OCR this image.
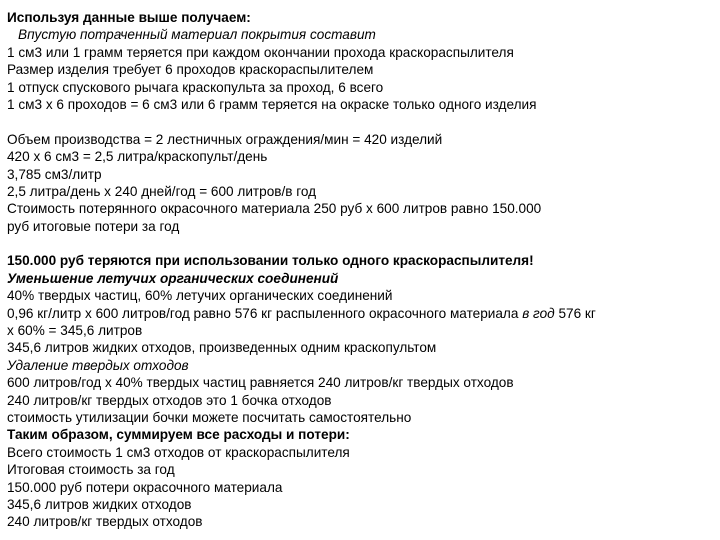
Используя данные выше получаем:
Впустую потраченный материал покрытия составит
1 см3 или 1 грамм теряется при каждом окончании прохода краскораспылителя
Размер изделия требует 6 проходов краскораспылителем
1 отпуск спускового рычага краскопульта за проход, 6 всего
1 см3 х 6 проходов = 6 см3 или 6 грамм теряется на окраске только одного изделия
Объем производства = 2 лестничных ограждения/мин = 420 изделий
420 х 6 см3 = 2,5 литра/краскопульт/день
3,785 см3/литр
2,5 литра/день х 240 дней/год = 600 литров/в год
Стоимость потерянного окрасочного материала 250 руб х 600 литров равно 150.000
руб итоговые потери за год
150.000 руб теряются при использовании только одного краскораспылителя!
Уменьшение летучих органических соединений
40% твердых частиц, 60% летучих органических соединений
0,96 кг/литр х 600 литров/год равно 576 кг распыленного окрасочного материала в год 576 кг
х 60% = 345,6 литров
345,6 литров жидких отходов, произведенных одним краскопультом
Удаление твердых отходов
600 литров/год х 40% твердых частиц равняется 240 литров/кг твердых отходов
240 литров/кг твердых отходов это 1 бочка отходов
стоимость утилизации бочки можете посчитать самостоятельно
Таким образом, суммируем все расходы и потери:
Всего стоимость 1 см3 отходов от краскораспылителя
Итоговая стоимость за год
150.000 руб потери окрасочного материала
345,6 литров жидких отходов
240 литров/кг твердых отходов
